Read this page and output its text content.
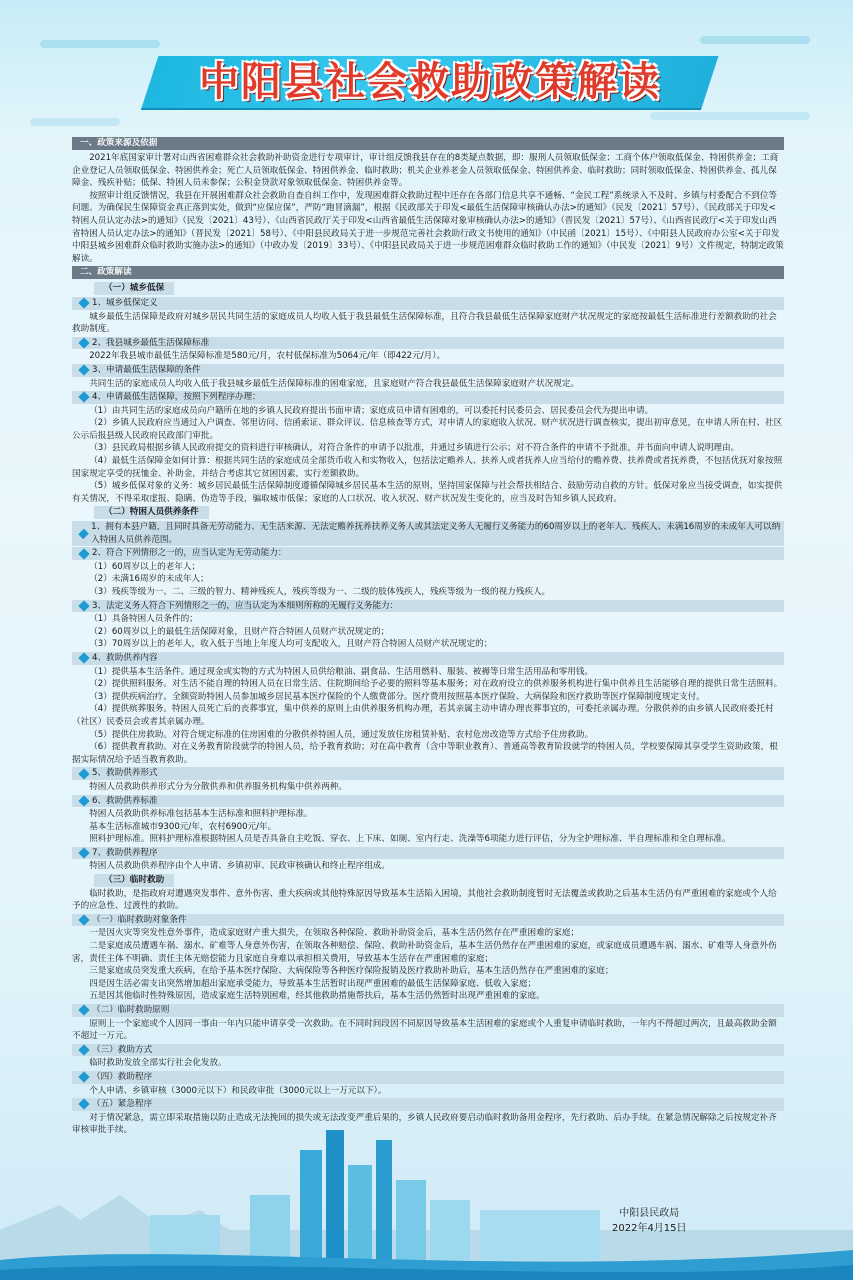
中阳县社会救助政策解读
一、政策来源及依据

2021年底国家审计署对山西省困难群众社会救助补助资金进行专项审计，审计组反馈我县存在的8类疑点数据，即：服刑人员领取低保金；工商个体户领取低保金、特困供养金；工商企业登记人员领取低保金、特困供养金；死亡人员领取低保金、特困供养金、临时救助；机关企业养老金人员领取低保金、特困供养金、临时救助；同时领取低保金、特困供养金、孤儿保障金、残疾补贴；低保、特困人员未参保；公积金贷款对象领取低保金、特困供养金等。

按照审计组反馈情况，我县在开展困难群众社会救助自查自纠工作中，发现困难群众救助过程中还存在各部门信息共享不通畅、“金民工程”系统录入不及时、乡镇与村委配合不到位等问题。为确保民生保障资金真正落到实处，做到“应保应保”，严防“跑冒滴漏”，根据《民政部关于印发<最低生活保障审核确认办法>的通知》（民发〔2021〕57号）、《民政部关于印发<特困人员认定办法>的通知》（民发〔2021〕43号）、《山西省民政厅关于印发<山西省最低生活保障对象审核确认办法>的通知》（晋民发〔2021〕57号）、《山西省民政厅<关于印发山西省特困人员认定办法>的通知》（晋民发〔2021〕58号）、《中阳县民政局关于进一步规范完善社会救助行政文书使用的通知》（中民函〔2021〕15号）、《中阳县人民政府办公室<关于印发中阳县城乡困难群众临时救助实施办法>的通知》（中政办发〔2019〕33号）、《中阳县民政局关于进一步规范困难群众临时救助工作的通知》（中民发〔2021〕9号）文件规定，特制定政策解读。

二、政策解读
（一）城乡低保
1、城乡低保定义

城乡最低生活保障是政府对城乡居民共同生活的家庭成员人均收入低于我县最低生活保障标准，且符合我县最低生活保障家庭财产状况规定的家庭按最低生活标准进行差额救助的社会救助制度。

2、我县城乡最低生活保障标准

2022年我县城市最低生活保障标准是580元/月，农村低保标准为5064元/年（即422元/月）。

3、申请最低生活保障的条件

共同生活的家庭成员人均收入低于我县城乡最低生活保障标准的困难家庭，且家庭财产符合我县最低生活保障家庭财产状况规定。

4、申请最低生活保障，按照下列程序办理：

（1）由共同生活的家庭成员向户籍所在地的乡镇人民政府提出书面申请；家庭成员申请有困难的，可以委托村民委员会、居民委员会代为提出申请。

（2）乡镇人民政府应当通过入户调查、邻里访问、信函索证、群众评议、信息核查等方式，对申请人的家庭收入状况、财产状况进行调查核实，提出初审意见，在申请人所在村、社区公示后报县级人民政府民政部门审批。

（3）县民政局根据乡镇人民政府提交的资料进行审核确认，对符合条件的申请予以批准，并通过乡镇进行公示；对不符合条件的申请不予批准，并书面向申请人说明理由。

（4）最低生活保障金如何计算：根据共同生活的家庭成员全部货币收入和实物收入，包括法定赡养人、扶养人或者抚养人应当给付的赡养费、扶养费或者抚养费，不包括优抚对象按照国家规定享受的抚恤金、补助金，并结合考虑其它贫困因素，实行差额救助。

（5）城乡低保对象的义务：城乡居民最低生活保障制度遵循保障城乡居民基本生活的原则，坚持国家保障与社会帮扶相结合、鼓励劳动自救的方针。低保对象应当接受调查，如实提供有关情况，不得采取虚报、隐瞒、伪造等手段，骗取城市低保；家庭的人口状况、收入状况、财产状况发生变化的，应当及时告知乡镇人民政府。

（二）特困人员供养条件
1、拥有本县户籍，且同时具备无劳动能力、无生活来源、无法定赡养抚养扶养义务人或其法定义务人无履行义务能力的60周岁以上的老年人、残疾人、未满16周岁的未成年人可以纳入特困人员供养范围。
2、符合下列情形之一的，应当认定为无劳动能力：

（1）60周岁以上的老年人；

（2）未满16周岁的未成年人；

（3）残疾等级为一、二、三级的智力、精神残疾人，残疾等级为一、二级的肢体残疾人，残疾等级为一级的视力残疾人。

3、法定义务人符合下列情形之一的，应当认定为本细则所称的无履行义务能力：

（1）具备特困人员条件的；

（2）60周岁以上的最低生活保障对象，且财产符合特困人员财产状况规定的；

（3）70周岁以上的老年人，收入低于当地上年度人均可支配收入，且财产符合特困人员财产状况规定的；

4、救助供养内容

（1）提供基本生活条件。通过现金或实物的方式为特困人员供给粮油、副食品、生活用燃料、服装、被褥等日常生活用品和零用钱。

（2）提供照料服务。对生活不能自理的特困人员在日常生活、住院期间给予必要的照料等基本服务；对在政府设立的供养服务机构进行集中供养且生活能够自理的提供日常生活照料。

（3）提供疾病治疗。全额资助特困人员参加城乡居民基本医疗保险的个人缴费部分。医疗费用按照基本医疗保险、大病保险和医疗救助等医疗保障制度规定支付。

（4）提供殡葬服务。特困人员死亡后的丧葬事宜，集中供养的原则上由供养服务机构办理，若其亲属主动申请办理丧葬事宜的，可委托亲属办理。分散供养的由乡镇人民政府委托村（社区）民委员会或者其亲属办理。

（5）提供住房救助。对符合规定标准的住房困难的分散供养特困人员，通过发放住房租赁补贴、农村危房改造等方式给予住房救助。

（6）提供教育救助。对在义务教育阶段就学的特困人员，给予教育救助；对在高中教育（含中等职业教育）、普通高等教育阶段就学的特困人员，学校要保障其享受学生资助政策，根据实际情况给予适当教育救助。

5、救助供养形式

特困人员救助供养形式分为分散供养和供养服务机构集中供养两种。

6、救助供养标准

特困人员救助供养标准包括基本生活标准和照料护理标准。

基本生活标准城市9300元/年，农村6900元/年。

照料护理标准。照料护理标准根据特困人员是否具备自主吃饭、穿衣、上下床、如厕、室内行走、洗澡等6项能力进行评估，分为全护理标准、半自理标准和全自理标准。

7、救助供养程序

特困人员救助供养程序由个人申请、乡镇初审、民政审核确认和终止程序组成。

（三）临时救助

临时救助，是指政府对遭遇突发事件、意外伤害、重大疾病或其他特殊原因导致基本生活陷入困境，其他社会救助制度暂时无法覆盖或救助之后基本生活仍有严重困难的家庭或个人给予的应急性、过渡性的救助。

（一）临时救助对象条件

一是因火灾等突发性意外事件，造成家庭财产重大损失，在领取各种保险、救助补助资金后，基本生活仍然存在严重困难的家庭；

二是家庭成员遭遇车祸、溺水、矿难等人身意外伤害，在领取各种赔偿、保险、救助补助资金后，基本生活仍然存在严重困难的家庭，或家庭成员遭遇车祸、溺水、矿难等人身意外伤害，责任主体不明确、责任主体无赔偿能力且家庭自身难以承担相关费用，导致基本生活存在严重困难的家庭；

三是家庭成员突发重大疾病，在给予基本医疗保险、大病保险等各种医疗保险报销及医疗救助补助后，基本生活仍然存在严重困难的家庭；

四是因生活必需支出突然增加超出家庭承受能力，导致基本生活暂时出现严重困难的最低生活保障家庭、低收入家庭；

五是因其他临时性特殊原因，造成家庭生活特别困难，经其他救助措施帮扶后，基本生活仍然暂时出现严重困难的家庭。

（二）临时救助原则

原则上一个家庭或个人因同一事由一年内只能申请享受一次救助。在不同时间段因不同原因导致基本生活困难的家庭或个人重复申请临时救助，一年内不得超过两次，且最高救助金额不超过一万元。

（三）救助方式

临时救助发放全部实行社会化发放。

（四）救助程序

个人申请、乡镇审核（3000元以下）和民政审批（3000元以上一万元以下）。

（五）紧急程序

对于情况紧急，需立即采取措施以防止造成无法挽回的损失或无法改变严重后果的，乡镇人民政府要启动临时救助备用金程序，先行救助、后办手续。在紧急情况解除之后按规定补齐审核审批手续。

中阳县民政局
2022年4月15日
